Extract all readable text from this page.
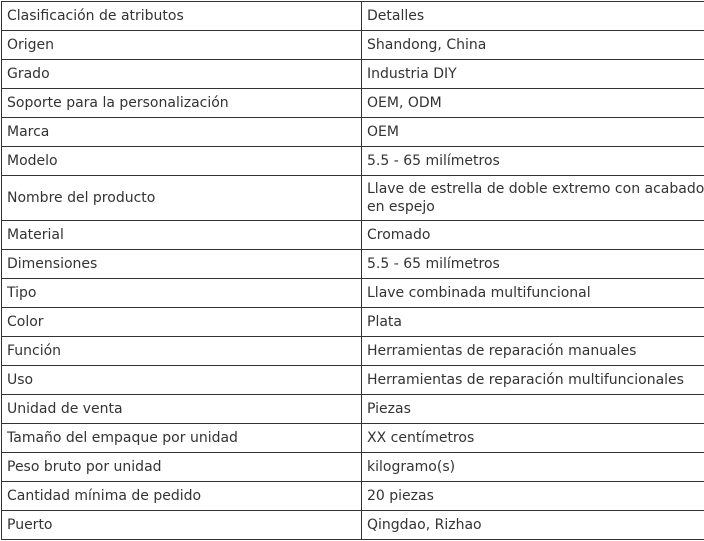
Clasificación de atributos	Detalles
Origen	Shandong, China
Grado	Industria DIY
Soporte para la personalización	OEM, ODM
Marca	OEM
Modelo	5.5 - 65 milímetros
Nombre del producto	Llave de estrella de doble extremo con acabado en espejo
Material	Cromado
Dimensiones	5.5 - 65 milímetros
Tipo	Llave combinada multifuncional
Color	Plata
Función	Herramientas de reparación manuales
Uso	Herramientas de reparación multifuncionales
Unidad de venta	Piezas
Tamaño del empaque por unidad	XX centímetros
Peso bruto por unidad	kilogramo(s)
Cantidad mínima de pedido	20 piezas
Puerto	Qingdao, Rizhao
